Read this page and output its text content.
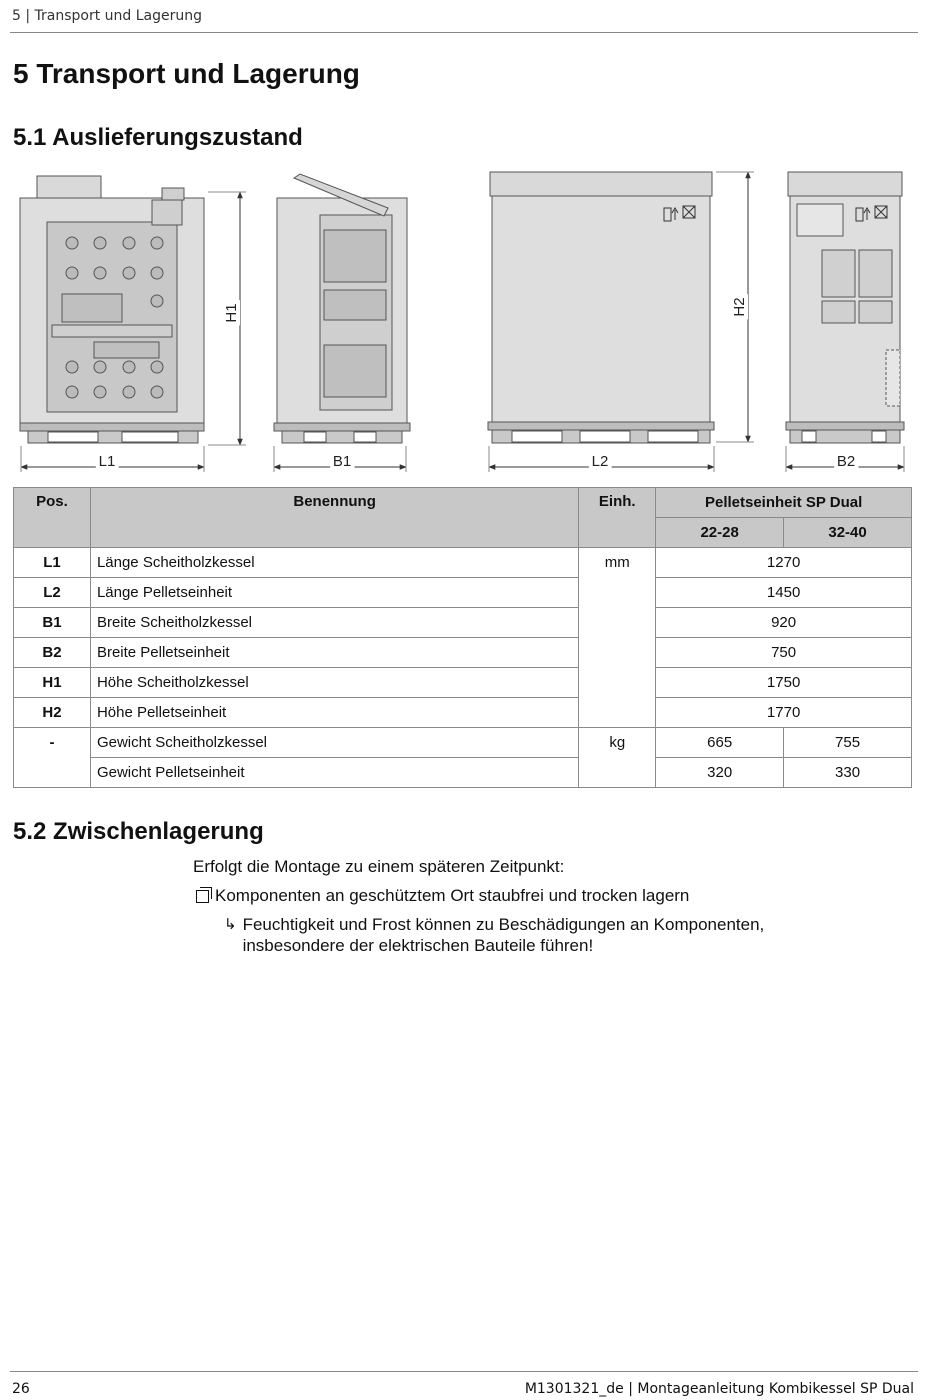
5 | Transport und Lagerung
5 Transport und Lagerung
5.1 Auslieferungszustand
L1	B1	L2	B2
H1	H2
Pos.	Benennung	Einh.	Pelletseinheit SP Dual	
			22-28	32-40
L1	Länge Scheitholzkessel	mm	1270	
L2	Länge Pelletseinheit		1450	
B1	Breite Scheitholzkessel		920	
B2	Breite Pelletseinheit		750	
H1	Höhe Scheitholzkessel		1750	
H2	Höhe Pelletseinheit		1770	
-	Gewicht Scheitholzkessel	kg	665	755
	Gewicht Pelletseinheit		320	330
5.2 Zwischenlagerung
Erfolgt die Montage zu einem späteren Zeitpunkt:
Komponenten an geschütztem Ort staubfrei und trocken lagern
↳ Feuchtigkeit und Frost können zu Beschädigungen an Komponenten,
insbesondere der elektrischen Bauteile führen!
26	M1301321_de | Montageanleitung Kombikessel SP Dual
